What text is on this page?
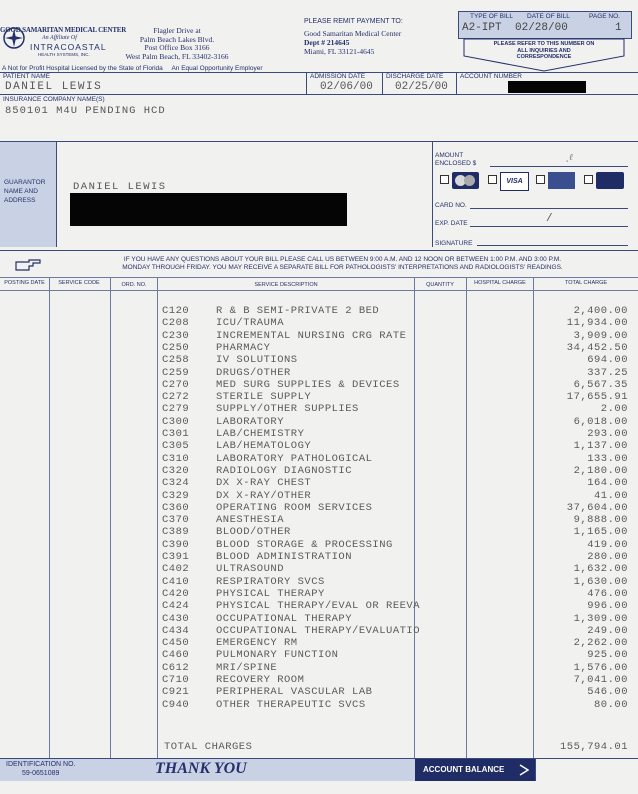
GOOD SAMARITAN MEDICAL CENTER
An Affiliate Of
INTRACOASTAL
HEALTH SYSTEMS, INC.
Flagler Drive at
Palm Beach Lakes Blvd.
Post Office Box 3166
West Palm Beach, FL 33402-3166
PLEASE REMIT PAYMENT TO:
Good Samaritan Medical Center
Dept # 214645
Miami, FL 33121-4645
A Not for Profit Hospital Licensed by the State of Florida     An Equal Opportunity Employer
TYPE OF BILL DATE OF BILL	PAGE NO.
A2-IPT 02/28/00	1
PLEASE REFER TO THIS NUMBER ON ALL INQUIRIES AND CORRESPONDENCE
PATIENT NAME
DANIEL LEWIS
ADMISSION DATE
02/06/00
DISCHARGE DATE
02/25/00
ACCOUNT NUMBER
INSURANCE COMPANY NAME(S)
850101 M4U PENDING HCD
GUARANTOR NAME AND ADDRESS
DANIEL LEWIS
AMOUNT ENCLOSED $
˛ℓ
VISA
CARD NO.
EXP. DATE	/
SIGNATURE
IF YOU HAVE ANY QUESTIONS ABOUT YOUR BILL PLEASE CALL US BETWEEN 9:00 A.M. AND 12 NOON OR BETWEEN 1:00 P.M. AND 3:00 P.M.
MONDAY THROUGH FRIDAY. YOU MAY RECEIVE A SEPARATE BILL FOR PATHOLOGISTS' INTERPRETATIONS AND RADIOLOGISTS' READINGS.
POSTING DATE	SERVICE CODE	ORD. NO.	SERVICE DESCRIPTION	QUANTITY	HOSPITAL CHARGE	TOTAL CHARGE
C120	R & B SEMI-PRIVATE 2 BED	2,400.00
C208	ICU/TRAUMA	11,934.00
C230	INCREMENTAL NURSING CRG RATE	3,909.00
C250	PHARMACY	34,452.50
C258	IV SOLUTIONS	694.00
C259	DRUGS/OTHER	337.25
C270	MED SURG SUPPLIES & DEVICES	6,567.35
C272	STERILE SUPPLY	17,655.91
C279	SUPPLY/OTHER SUPPLIES	2.00
C300	LABORATORY	6,018.00
C301	LAB/CHEMISTRY	293.00
C305	LAB/HEMATOLOGY	1,137.00
C310	LABORATORY PATHOLOGICAL	133.00
C320	RADIOLOGY DIAGNOSTIC	2,180.00
C324	DX X-RAY CHEST	164.00
C329	DX X-RAY/OTHER	41.00
C360	OPERATING ROOM SERVICES	37,604.00
C370	ANESTHESIA	9,888.00
C389	BLOOD/OTHER	1,165.00
C390	BLOOD STORAGE & PROCESSING	419.00
C391	BLOOD ADMINISTRATION	280.00
C402	ULTRASOUND	1,632.00
C410	RESPIRATORY SVCS	1,630.00
C420	PHYSICAL THERAPY	476.00
C424	PHYSICAL THERAPY/EVAL OR REEVA	996.00
C430	OCCUPATIONAL THERAPY	1,309.00
C434	OCCUPATIONAL THERAPY/EVALUATIO	249.00
C450	EMERGENCY RM	2,262.00
C460	PULMONARY FUNCTION	925.00
C612	MRI/SPINE	1,576.00
C710	RECOVERY ROOM	7,041.00
C921	PERIPHERAL VASCULAR LAB	546.00
C940	OTHER THERAPEUTIC SVCS	80.00
TOTAL CHARGES	155,794.01
IDENTIFICATION NO.
59-0651089	THANK YOU	ACCOUNT BALANCE
